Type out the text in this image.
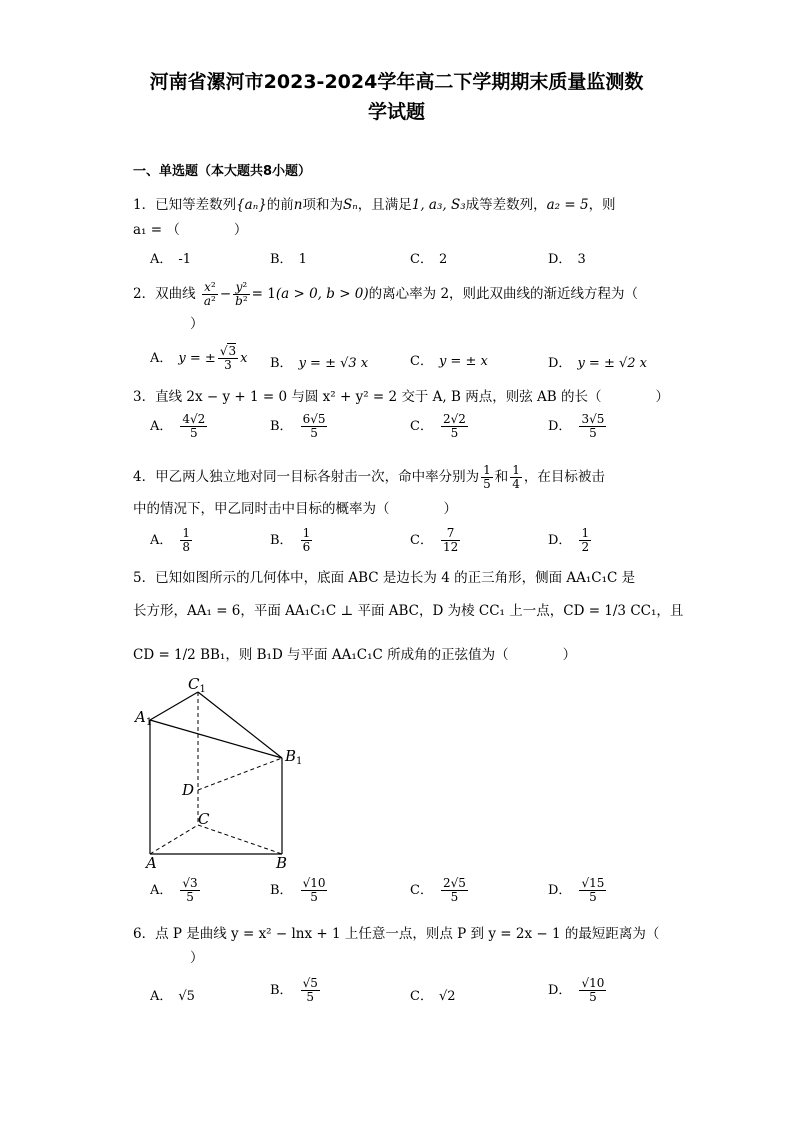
河南省漯河市2023-2024学年高二下学期期末质量监测数
学试题
一、单选题（本大题共8小题）
1．已知等差数列{aₙ}的前n项和为Sₙ，且满足1, a₃, S₃成等差数列，a₂ = 5，则
a₁ = （　　　　）
A． -1	B． 1	C． 2	D． 3
2．双曲线 $\frac{\text{x²}}{\text{a²}} - \frac{\text{y²}}{\text{b²}} = 1(a > 0$, b > 0)的离心率为 2，则此双曲线的渐近线方程为（
）
A． y = ± $\frac{√3}{3}$ x B． y = ± √3 x	C． y = ± x	D． y = ± √2 x
3．直线 2x − y + 1 = 0 与圆 x² + y² = 2 交于 A, B 两点，则弦 AB 的长（　　　　）
A． $\frac{4√2}{5}$	B． $\frac{6√5}{5}$	C． $\frac{2√2}{5}$	D． $\frac{3√5}{5}$
4．甲乙两人独立地对同一目标各射击一次，命中率分别为 $\frac{1}{5}$ 和 $\frac{1}{4}$ ，在目标被击
中的情况下，甲乙同时击中目标的概率为（　　　　）
A． $\frac{1}{8}$	B． $\frac{1}{6}$	C． $\frac{7}{12}$	D． $\frac{1}{2}$
5．已知如图所示的几何体中，底面 ABC 是边长为 4 的正三角形，侧面 AA₁C₁C 是
长方形，AA₁ = 6，平面 AA₁C₁C ⊥ 平面 ABC，D 为棱 CC₁ 上一点，CD = 1/3 CC₁，且
CD = 1/2 BB₁，则 B₁D 与平面 AA₁C₁C 所成角的正弦值为（　　　　）
$C_1$
$A_1$
$B_1$
D
C
A	B
A． $\frac{√3}{5}$	B． $\frac{√10}{5}$	C． $\frac{2√5}{5}$	D． $\frac{√15}{5}$
6．点 P 是曲线 y = x² − lnx + 1 上任意一点，则点 P 到 y = 2x − 1 的最短距离为（
）
A． √5	B． $\frac{√5}{5}$	C． √2	D． $\frac{√10}{5}$
